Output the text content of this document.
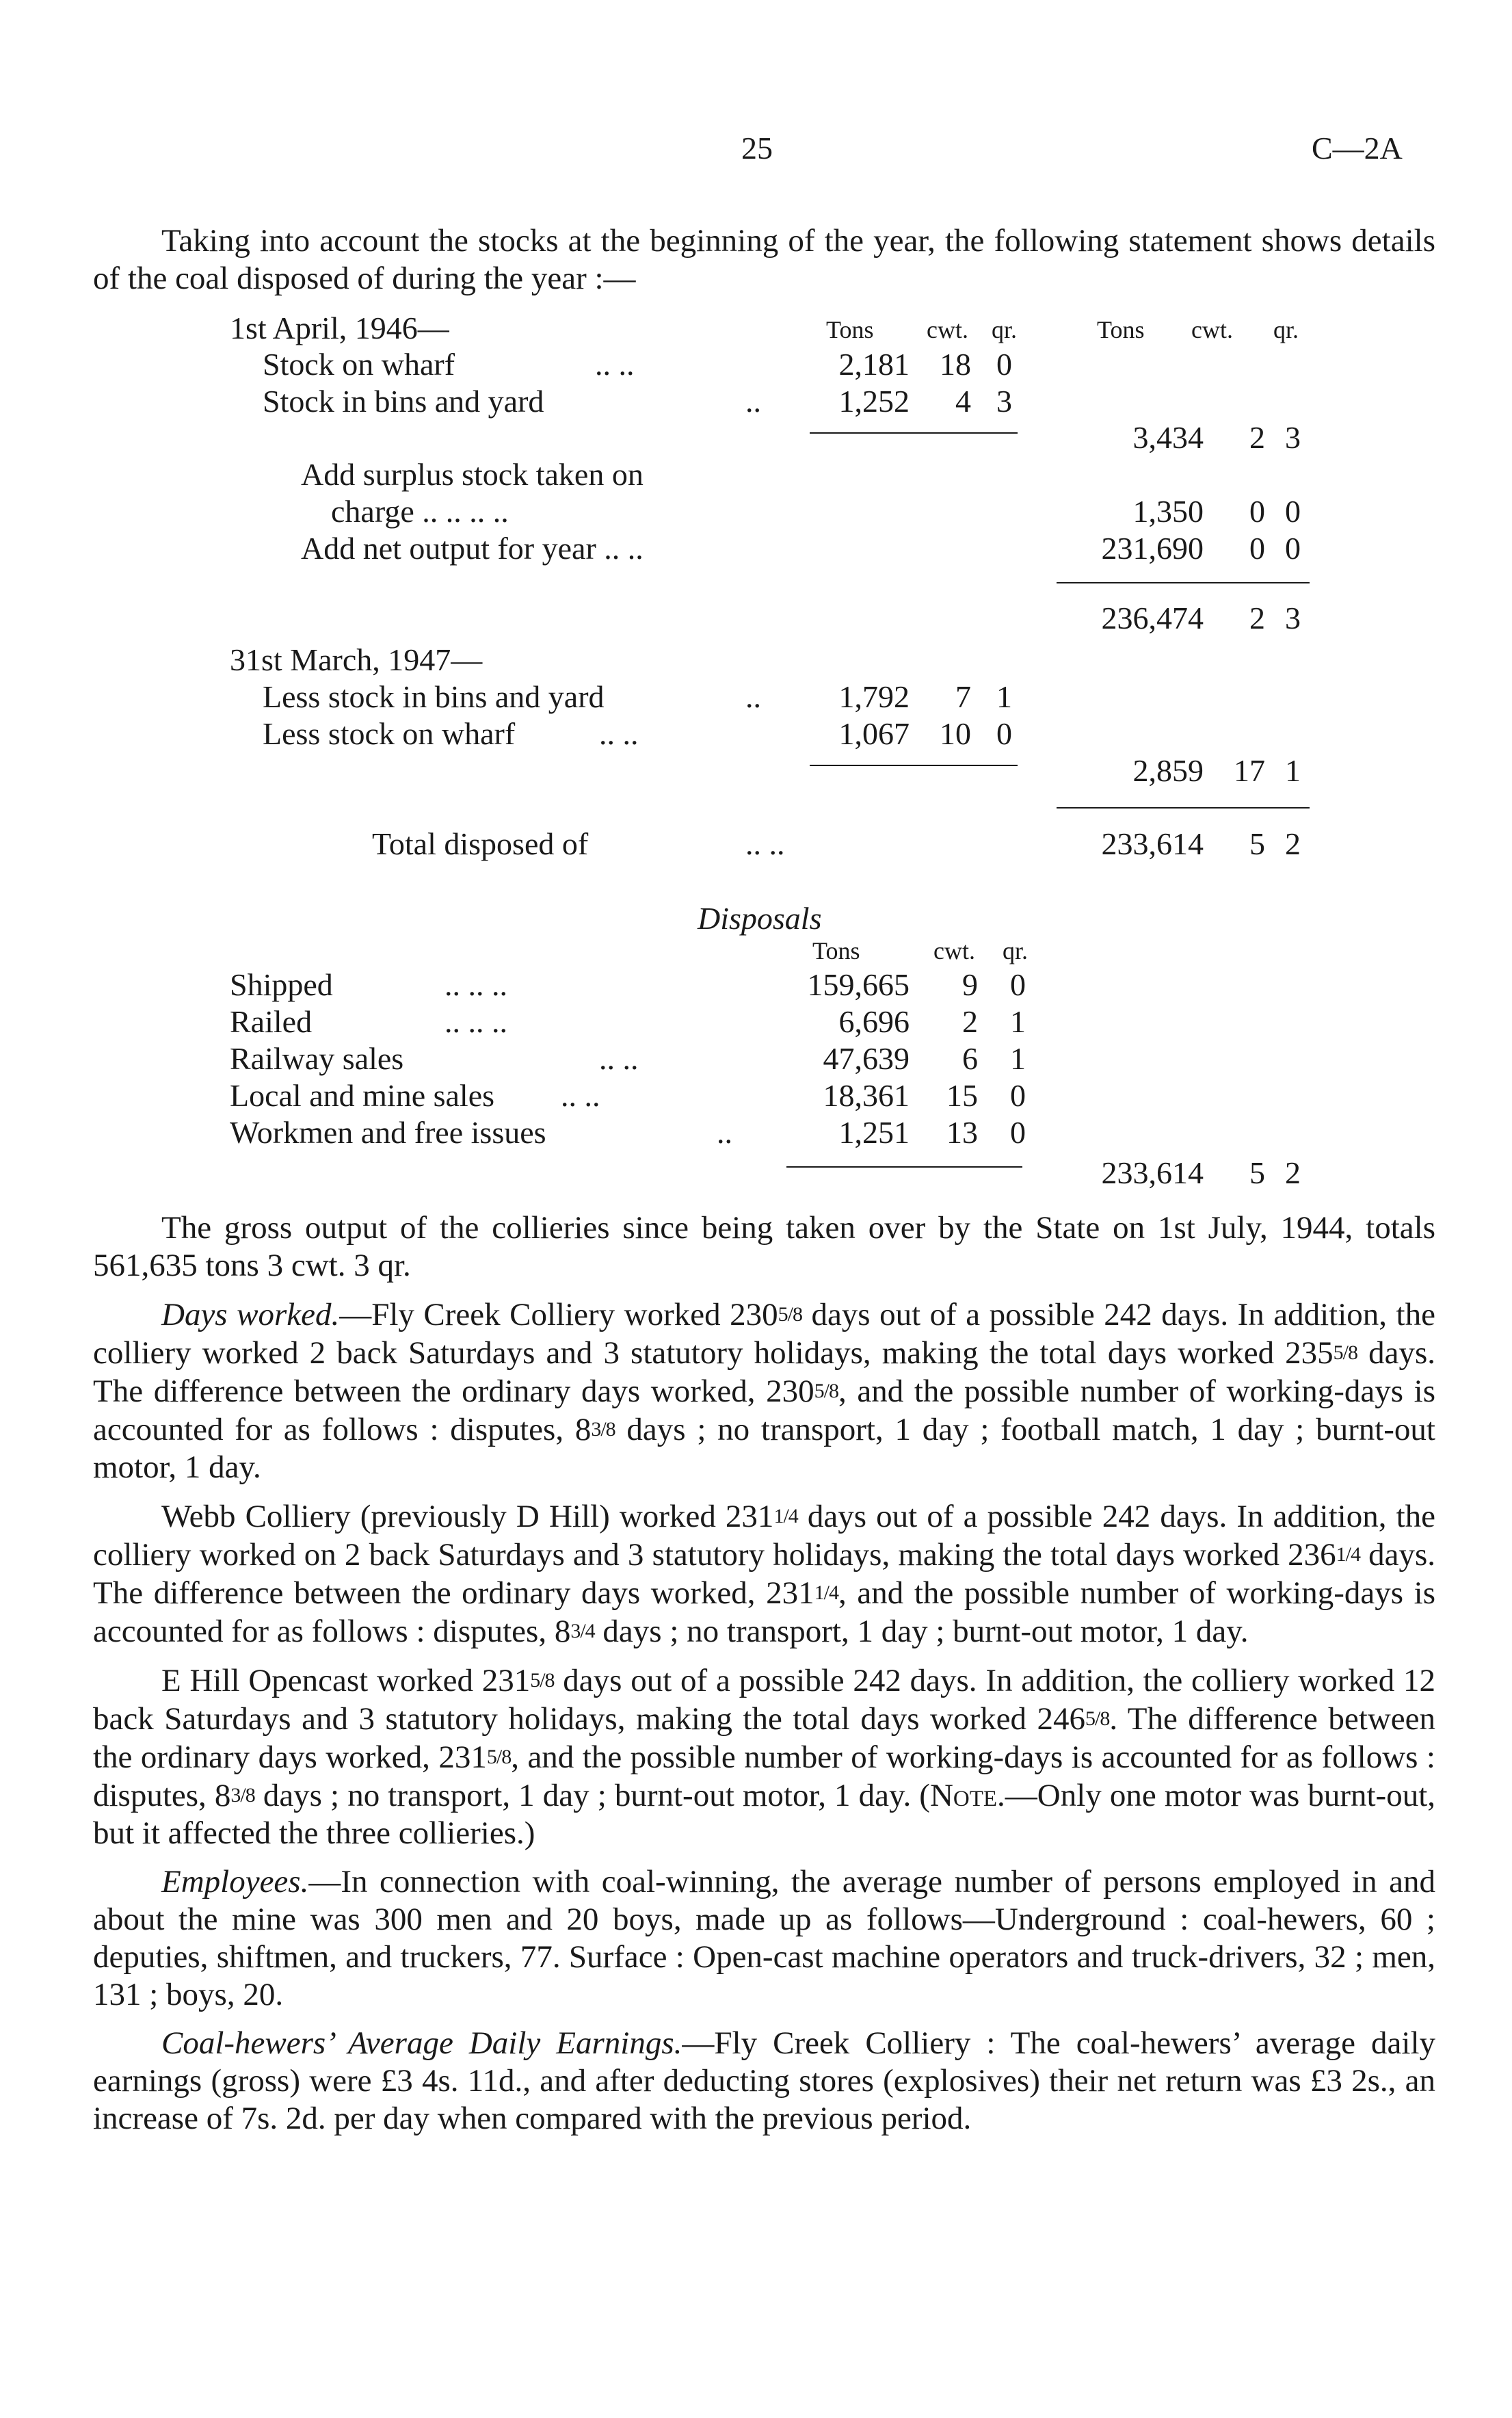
25	C—2A

Taking into account the stocks at the beginning of the year, the following statement shows details of the coal disposed of during the year :—

1st April, 1946—	Tons cwt. qr.	Tons cwt. qr.
Stock on wharf	.. ..	2,181 18 0
Stock in bins and yard	..	1,252	4 3
3,434	2 3
Add surplus stock taken on
charge .. .. .. ..	1,350	0 0
Add net output for year .. ..	231,690	0 0
236,474	2 3
31st March, 1947—
Less stock in bins and yard	..	1,792	7 1
Less stock on wharf	.. ..	1,067 10 0
2,859 17 1
Total disposed of	.. ..	233,614	5 2
Disposals
Tons	cwt. qr.
Shipped	.. .. ..	159,665	9	0
Railed	.. .. ..	6,696	2	1
Railway sales	.. ..	47,639	6	1
Local and mine sales .. ..	18,361	15	0
Workmen and free issues	..	1,251	13	0
233,614	5 2

The gross output of the collieries since being taken over by the State on 1st July, 1944, totals 561,635 tons 3 cwt. 3 qr.

Days worked.—Fly Creek Colliery worked 2305/8 days out of a possible 242 days. In addition, the colliery worked 2 back Saturdays and 3 statutory holidays, making the total days worked 2355/8 days. The difference between the ordinary days worked, 2305/8, and the possible number of working-days is accounted for as follows : disputes, 83/8 days ; no transport, 1 day ; football match, 1 day ; burnt-out motor, 1 day.

Webb Colliery (previously D Hill) worked 2311/4 days out of a possible 242 days. In addition, the colliery worked on 2 back Saturdays and 3 statutory holidays, making the total days worked 2361/4 days. The difference between the ordinary days worked, 2311/4, and the possible number of working-days is accounted for as follows : disputes, 83/4 days ; no transport, 1 day ; burnt-out motor, 1 day.

E Hill Opencast worked 2315/8 days out of a possible 242 days. In addition, the colliery worked 12 back Saturdays and 3 statutory holidays, making the total days worked 2465/8. The difference between the ordinary days worked, 2315/8, and the possible number of working-days is accounted for as follows : disputes, 83/8 days ; no transport, 1 day ; burnt-out motor, 1 day. (Note.—Only one motor was burnt-out, but it affected the three collieries.)

Employees.—In connection with coal-winning, the average number of persons employed in and about the mine was 300 men and 20 boys, made up as follows—Underground : coal-hewers, 60 ; deputies, shiftmen, and truckers, 77. Surface : Open-cast machine operators and truck-drivers, 32 ; men, 131 ; boys, 20.

Coal-hewers’ Average Daily Earnings.—Fly Creek Colliery : The coal-hewers’ average daily earnings (gross) were £3 4s. 11d., and after deducting stores (explosives) their net return was £3 2s., an increase of 7s. 2d. per day when compared with the previous period.
